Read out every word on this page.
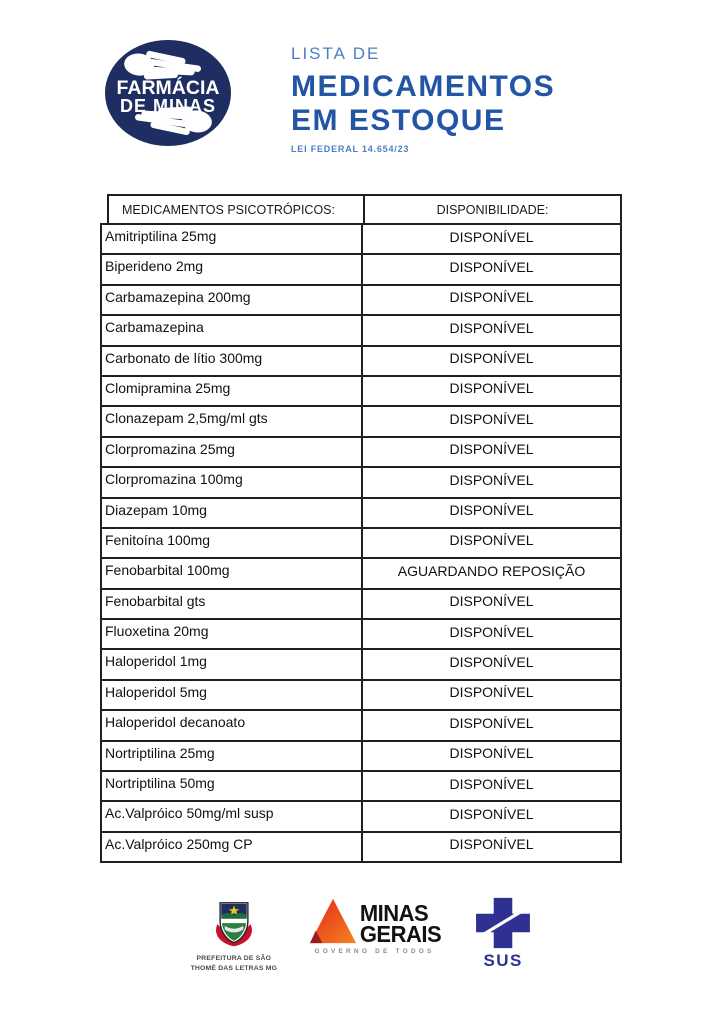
FARMÁCIA
DE MINAS
LISTA DE
MEDICAMENTOS
EM ESTOQUE
LEI FEDERAL 14.654/23
MEDICAMENTOS PSICOTRÓPICOS:	DISPONIBILIDADE:
Amitriptilina 25mg	DISPONÍVEL
Biperideno 2mg	DISPONÍVEL
Carbamazepina 200mg	DISPONÍVEL
Carbamazepina	DISPONÍVEL
Carbonato de lítio 300mg	DISPONÍVEL
Clomipramina 25mg	DISPONÍVEL
Clonazepam 2,5mg/ml gts	DISPONÍVEL
Clorpromazina 25mg	DISPONÍVEL
Clorpromazina 100mg	DISPONÍVEL
Diazepam 10mg	DISPONÍVEL
Fenitoína 100mg	DISPONÍVEL
Fenobarbital 100mg	AGUARDANDO REPOSIÇÃO
Fenobarbital gts	DISPONÍVEL
Fluoxetina 20mg	DISPONÍVEL
Haloperidol 1mg	DISPONÍVEL
Haloperidol 5mg	DISPONÍVEL
Haloperidol decanoato	DISPONÍVEL
Nortriptilina 25mg	DISPONÍVEL
Nortriptilina 50mg	DISPONÍVEL
Ac.Valpróico 50mg/ml susp	DISPONÍVEL
Ac.Valpróico 250mg CP	DISPONÍVEL
PREFEITURA DE SÃO
THOMÉ DAS LETRAS MG
MINAS
GERAIS
GOVERNO DE TODOS	SUS
